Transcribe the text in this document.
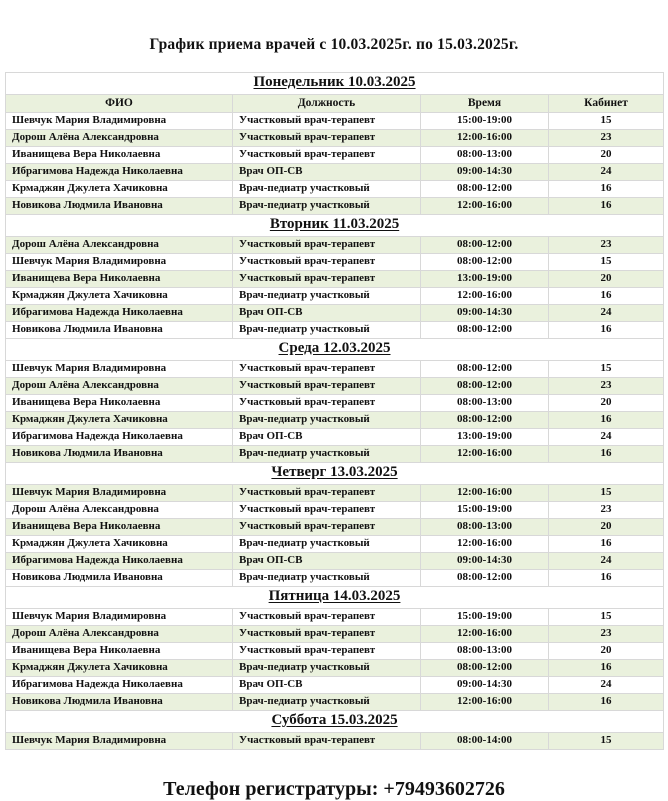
График приема врачей с 10.03.2025г. по 15.03.2025г.
Понедельник 10.03.2025			
ФИО	Должность	Время	Кабинет
Шевчук Мария Владимировна	Участковый врач-терапевт	15:00-19:00	15
Дорош Алёна Александровна	Участковый врач-терапевт	12:00-16:00	23
Иванищева Вера Николаевна	Участковый врач-терапевт	08:00-13:00	20
Ибрагимова Надежда Николаевна	Врач ОП-СВ	09:00-14:30	24
Крмаджян Джулета Хачиковна	Врач-педиатр участковый	08:00-12:00	16
Новикова Людмила Ивановна	Врач-педиатр участковый	12:00-16:00	16
Вторник 11.03.2025			
Дорош Алёна Александровна	Участковый врач-терапевт	08:00-12:00	23
Шевчук Мария Владимировна	Участковый врач-терапевт	08:00-12:00	15
Иванищева Вера Николаевна	Участковый врач-терапевт	13:00-19:00	20
Крмаджян Джулета Хачиковна	Врач-педиатр участковый	12:00-16:00	16
Ибрагимова Надежда Николаевна	Врач ОП-СВ	09:00-14:30	24
Новикова Людмила Ивановна	Врач-педиатр участковый	08:00-12:00	16
Среда 12.03.2025			
Шевчук Мария Владимировна	Участковый врач-терапевт	08:00-12:00	15
Дорош Алёна Александровна	Участковый врач-терапевт	08:00-12:00	23
Иванищева Вера Николаевна	Участковый врач-терапевт	08:00-13:00	20
Крмаджян Джулета Хачиковна	Врач-педиатр участковый	08:00-12:00	16
Ибрагимова Надежда Николаевна	Врач ОП-СВ	13:00-19:00	24
Новикова Людмила Ивановна	Врач-педиатр участковый	12:00-16:00	16
Четверг 13.03.2025			
Шевчук Мария Владимировна	Участковый врач-терапевт	12:00-16:00	15
Дорош Алёна Александровна	Участковый врач-терапевт	15:00-19:00	23
Иванищева Вера Николаевна	Участковый врач-терапевт	08:00-13:00	20
Крмаджян Джулета Хачиковна	Врач-педиатр участковый	12:00-16:00	16
Ибрагимова Надежда Николаевна	Врач ОП-СВ	09:00-14:30	24
Новикова Людмила Ивановна	Врач-педиатр участковый	08:00-12:00	16
Пятница 14.03.2025			
Шевчук Мария Владимировна	Участковый врач-терапевт	15:00-19:00	15
Дорош Алёна Александровна	Участковый врач-терапевт	12:00-16:00	23
Иванищева Вера Николаевна	Участковый врач-терапевт	08:00-13:00	20
Крмаджян Джулета Хачиковна	Врач-педиатр участковый	08:00-12:00	16
Ибрагимова Надежда Николаевна	Врач ОП-СВ	09:00-14:30	24
Новикова Людмила Ивановна	Врач-педиатр участковый	12:00-16:00	16
Суббота 15.03.2025			
Шевчук Мария Владимировна	Участковый врач-терапевт	08:00-14:00	15
Телефон регистратуры: +79493602726
